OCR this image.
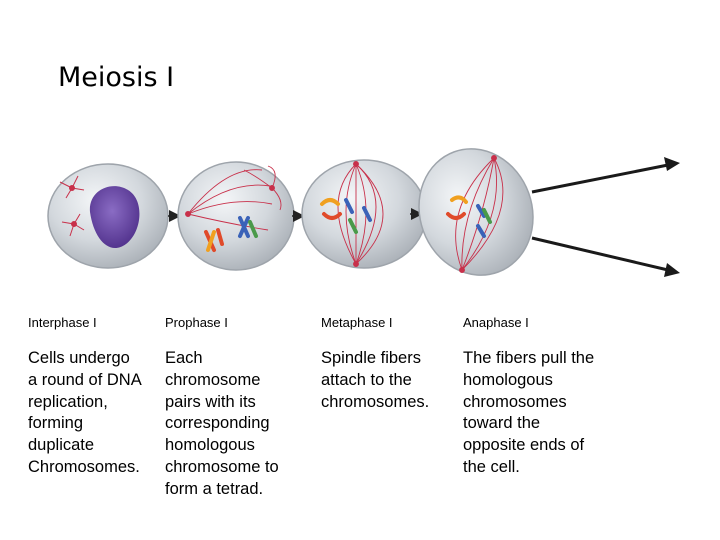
Meiosis I

Interphase I

Cells undergo
a round of DNA
replication,
forming
duplicate
Chromosomes.

Prophase I

Each
chromosome
pairs with its
corresponding
homologous
chromosome to
form a tetrad.

Metaphase I

Spindle fibers
attach to the
chromosomes.

Anaphase I

The fibers pull the
homologous
chromosomes
toward the
opposite ends of
the cell.
